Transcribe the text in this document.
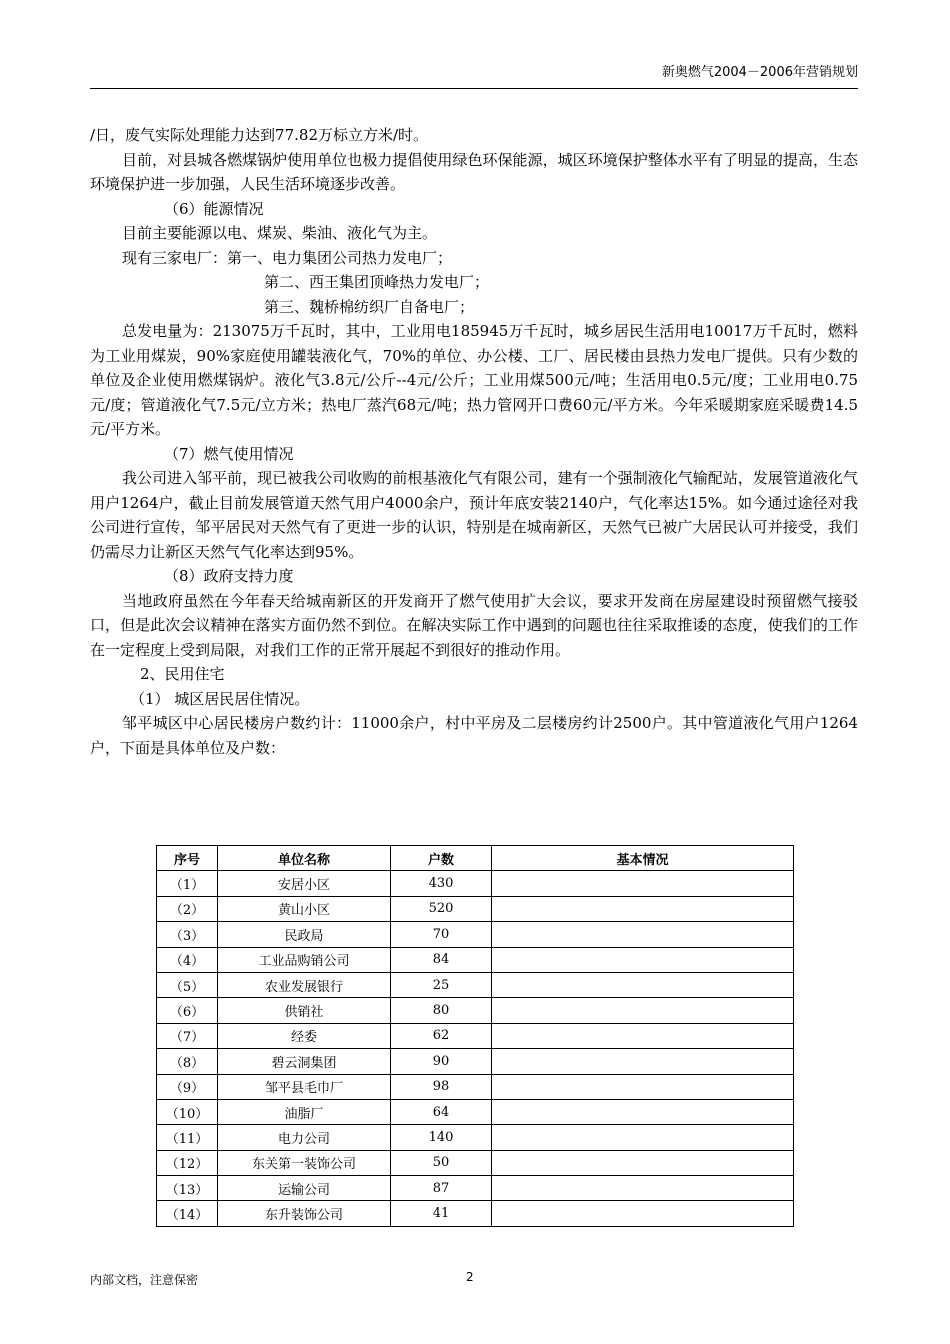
新奥燃气2004－2006年营销规划

/日，废气实际处理能力达到77.82万标立方米/时。

目前，对县城各燃煤锅炉使用单位也极力提倡使用绿色环保能源，城区环境保护整体水平有了明显的提高，生态环境保护进一步加强，人民生活环境逐步改善。

（6）能源情况

目前主要能源以电、煤炭、柴油、液化气为主。

现有三家电厂：第一、电力集团公司热力发电厂；

第二、西王集团顶峰热力发电厂；

第三、魏桥棉纺织厂自备电厂；

总发电量为：213075万千瓦时，其中，工业用电185945万千瓦时，城乡居民生活用电10017万千瓦时，燃料为工业用煤炭，90%家庭使用罐装液化气，70%的单位、办公楼、工厂、居民楼由县热力发电厂提供。只有少数的单位及企业使用燃煤锅炉。液化气3.8元/公斤--4元/公斤；工业用煤500元/吨；生活用电0.5元/度；工业用电0.75元/度；管道液化气7.5元/立方米；热电厂蒸汽68元/吨；热力管网开口费60元/平方米。今年采暖期家庭采暖费14.5元/平方米。

（7）燃气使用情况

我公司进入邹平前，现已被我公司收购的前根基液化气有限公司，建有一个强制液化气输配站，发展管道液化气用户1264户，截止目前发展管道天然气用户4000余户，预计年底安装2140户，气化率达15%。如今通过途径对我公司进行宣传，邹平居民对天然气有了更进一步的认识，特别是在城南新区，天然气已被广大居民认可并接受，我们仍需尽力让新区天然气气化率达到95%。

（8）政府支持力度

当地政府虽然在今年春天给城南新区的开发商开了燃气使用扩大会议，要求开发商在房屋建设时预留燃气接驳口，但是此次会议精神在落实方面仍然不到位。在解决实际工作中遇到的问题也往往采取推诿的态度，使我们的工作在一定程度上受到局限，对我们工作的正常开展起不到很好的推动作用。

2、民用住宅

（1） 城区居民居住情况。

邹平城区中心居民楼房户数约计：11000余户，村中平房及二层楼房约计2500户。其中管道液化气用户1264户，下面是具体单位及户数：

序号	单位名称	户数	基本情况
（1）	安居小区	430	
（2）	黄山小区	520	
（3）	民政局	70	
（4）	工业品购销公司	84	
（5）	农业发展银行	25	
（6）	供销社	80	
（7）	经委	62	
（8）	碧云洞集团	90	
（9）	邹平县毛巾厂	98	
（10）	油脂厂	64	
（11）	电力公司	140	
（12）	东关第一装饰公司	50	
（13）	运输公司	87	
（14）	东升装饰公司	41	
内部文档，注意保密	2
